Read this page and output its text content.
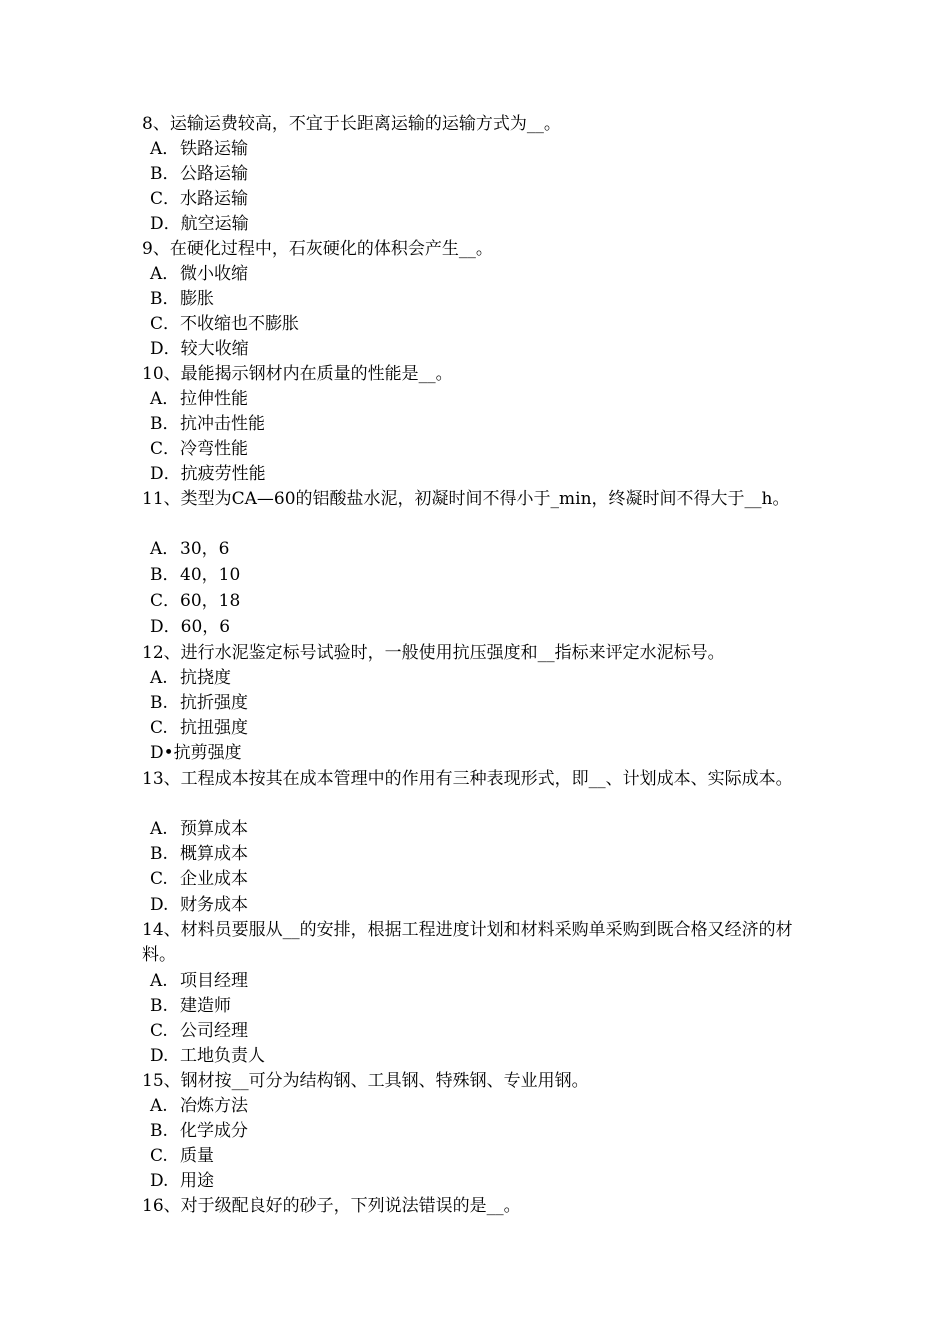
8、运输运费较高，不宜于长距离运输的运输方式为__。

A．铁路运输

B．公路运输

C．水路运输

D．航空运输

9、在硬化过程中，石灰硬化的体积会产生__。

A．微小收缩

B．膨胀

C．不收缩也不膨胀

D．较大收缩

10、最能揭示钢材内在质量的性能是__。

A．拉伸性能

B．抗冲击性能

C．冷弯性能

D．抗疲劳性能

11、类型为CA—60的铝酸盐水泥，初凝时间不得小于_min，终凝时间不得大于__h。

A．30，6

B．40，10

C．60，18

D．60，6

12、进行水泥鉴定标号试验时，一般使用抗压强度和__指标来评定水泥标号。

A. 抗挠度

B. 抗折强度

C. 抗扭强度

D•抗剪强度

13、工程成本按其在成本管理中的作用有三种表现形式，即__、计划成本、实际成本。

A. 预算成本

B. 概算成本

C. 企业成本

D. 财务成本

14、材料员要服从__的安排，根据工程进度计划和材料采购单采购到既合格又经济的材料。

A. 项目经理

B. 建造师

C. 公司经理

D. 工地负责人

15、钢材按__可分为结构钢、工具钢、特殊钢、专业用钢。

A. 冶炼方法

B. 化学成分

C. 质量

D. 用途

16、对于级配良好的砂子，下列说法错误的是__。
